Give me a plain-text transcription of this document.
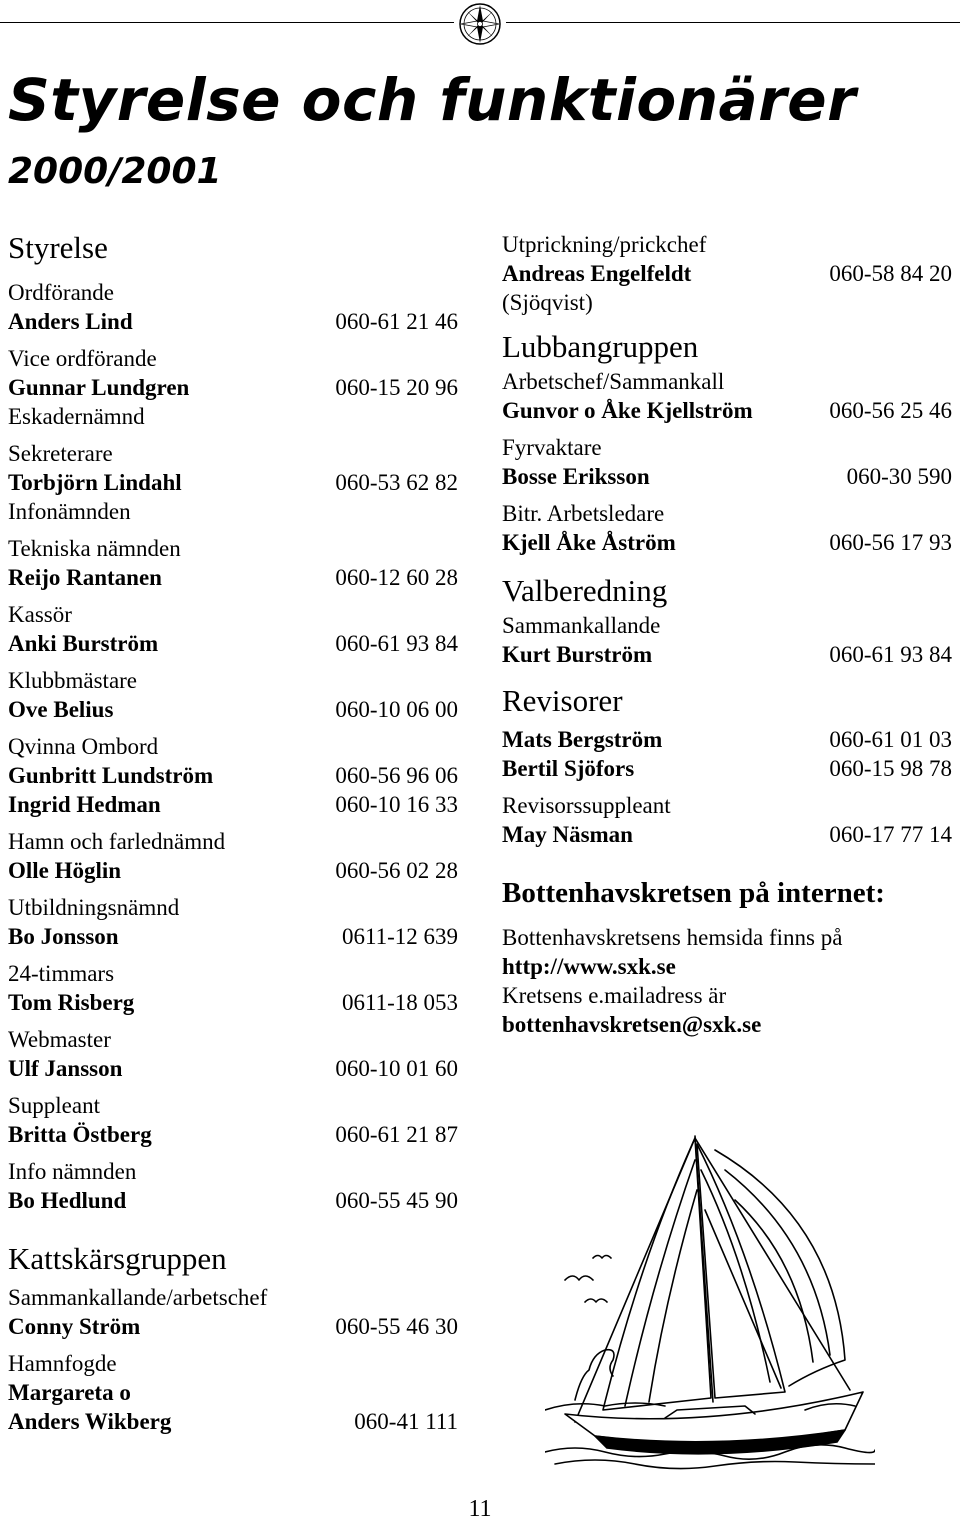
Styrelse och funktionärer
2000/2001
Styrelse
Ordförande
Anders Lind	060-61 21 46
Vice ordförande
Gunnar Lundgren	060-15 20 96
Eskadernämnd
Sekreterare
Torbjörn Lindahl	060-53 62 82
Infonämnden
Tekniska nämnden
Reijo Rantanen	060-12 60 28
Kassör
Anki Burström	060-61 93 84
Klubbmästare
Ove Belius	060-10 06 00
Qvinna Ombord
Gunbritt Lundström	060-56 96 06
Ingrid Hedman	060-10 16 33
Hamn och farlednämnd
Olle Höglin	060-56 02 28
Utbildningsnämnd
Bo Jonsson	0611-12 639
24-timmars
Tom Risberg	0611-18 053
Webmaster
Ulf Jansson	060-10 01 60
Suppleant
Britta Östberg	060-61 21 87
Info nämnden
Bo Hedlund	060-55 45 90
Kattskärsgruppen
Sammankallande/arbetschef
Conny Ström	060-55 46 30
Hamnfogde
Margareta o
Anders Wikberg	060-41 111
Utprickning/prickchef
Andreas Engelfeldt	060-58 84 20
(Sjöqvist)
Lubbangruppen
Arbetschef/Sammankall
Gunvor o Åke Kjellström	060-56 25 46
Fyrvaktare
Bosse Eriksson	060-30 590
Bitr. Arbetsledare
Kjell Åke Åström	060-56 17 93
Valberedning
Sammankallande
Kurt Burström	060-61 93 84
Revisorer
Mats Bergström	060-61 01 03
Bertil Sjöfors	060-15 98 78
Revisorssuppleant
May Näsman	060-17 77 14
Bottenhavskretsen på internet:
Bottenhavskretsens hemsida finns på
http://www.sxk.se
Kretsens e.mailadress är
bottenhavskretsen@sxk.se
11
